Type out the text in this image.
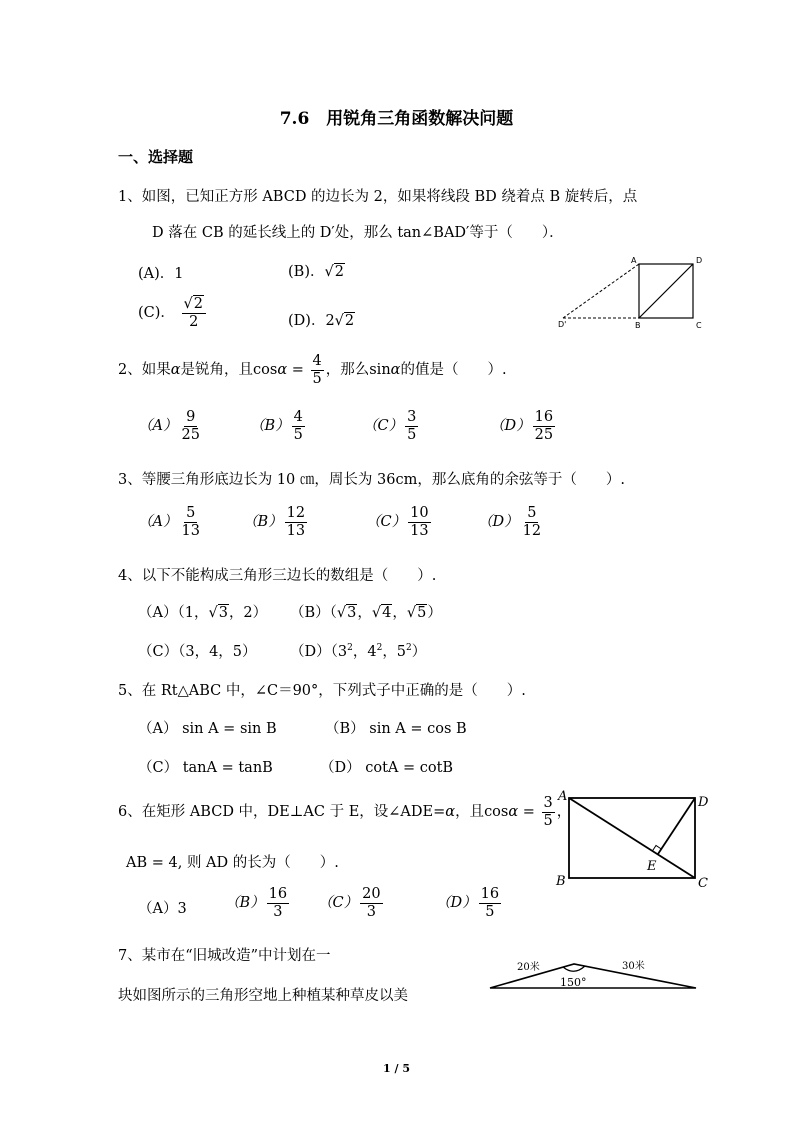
7.6　用锐角三角函数解决问题
一、选择题
1、如图，已知正方形 ABCD 的边长为 2，如果将线段 BD 绕着点 B 旋转后，点
D 落在 CB 的延长线上的 D′处，那么 tan∠BAD′等于（　　）．
(A)．1	(B)．√2
(C)． $\frac{√2}{2}$	(D)．2√2
A	D
D'	B	C
2、如果α是锐角，且$\cos\alpha = \frac{4}{5}$ ，那么sinα的值是（　　）.
$(A) \frac{9}{25}$	$(B) \frac{4}{5}$	$(C) \frac{3}{5}$	$(D) \frac{16}{25}$
3、等腰三角形底边长为 10 ㎝，周长为 36cm，那么底角的余弦等于（　　）.
$(A) \frac{5}{13}$	$(B) \frac{12}{13}$	$(C) \frac{10}{13}$	$(D) \frac{5}{12}$
4、以下不能构成三角形三边长的数组是（　　）.
（A）（1，√3，2） （B）（√3，√4，√5）
（C）（3，4，5） $(D)(3^2$，$4^2$，$5^2$）
5、在 Rt△ABC 中，∠C＝90°，下列式子中正确的是（　　）.
（A） sin A = sin B	（B） sin A = cos B
（C） tanA = tanB	（D） cotA = cotB
6、在矩形 ABCD 中，DE⊥AC 于 E，设∠ADE=α，且$\cos\alpha = \frac{3}{5}$ ，
AB = 4, 则 AD 的长为（　　）.
（A）3	$(B) \frac{16}{3} (C) \frac{20}{3}$	$(D) \frac{16}{5}$
A	D
E
B	C
7、某市在“旧城改造”中计划在一
块如图所示的三角形空地上种植某种草皮以美
20米	30米
150°
1 / 5
